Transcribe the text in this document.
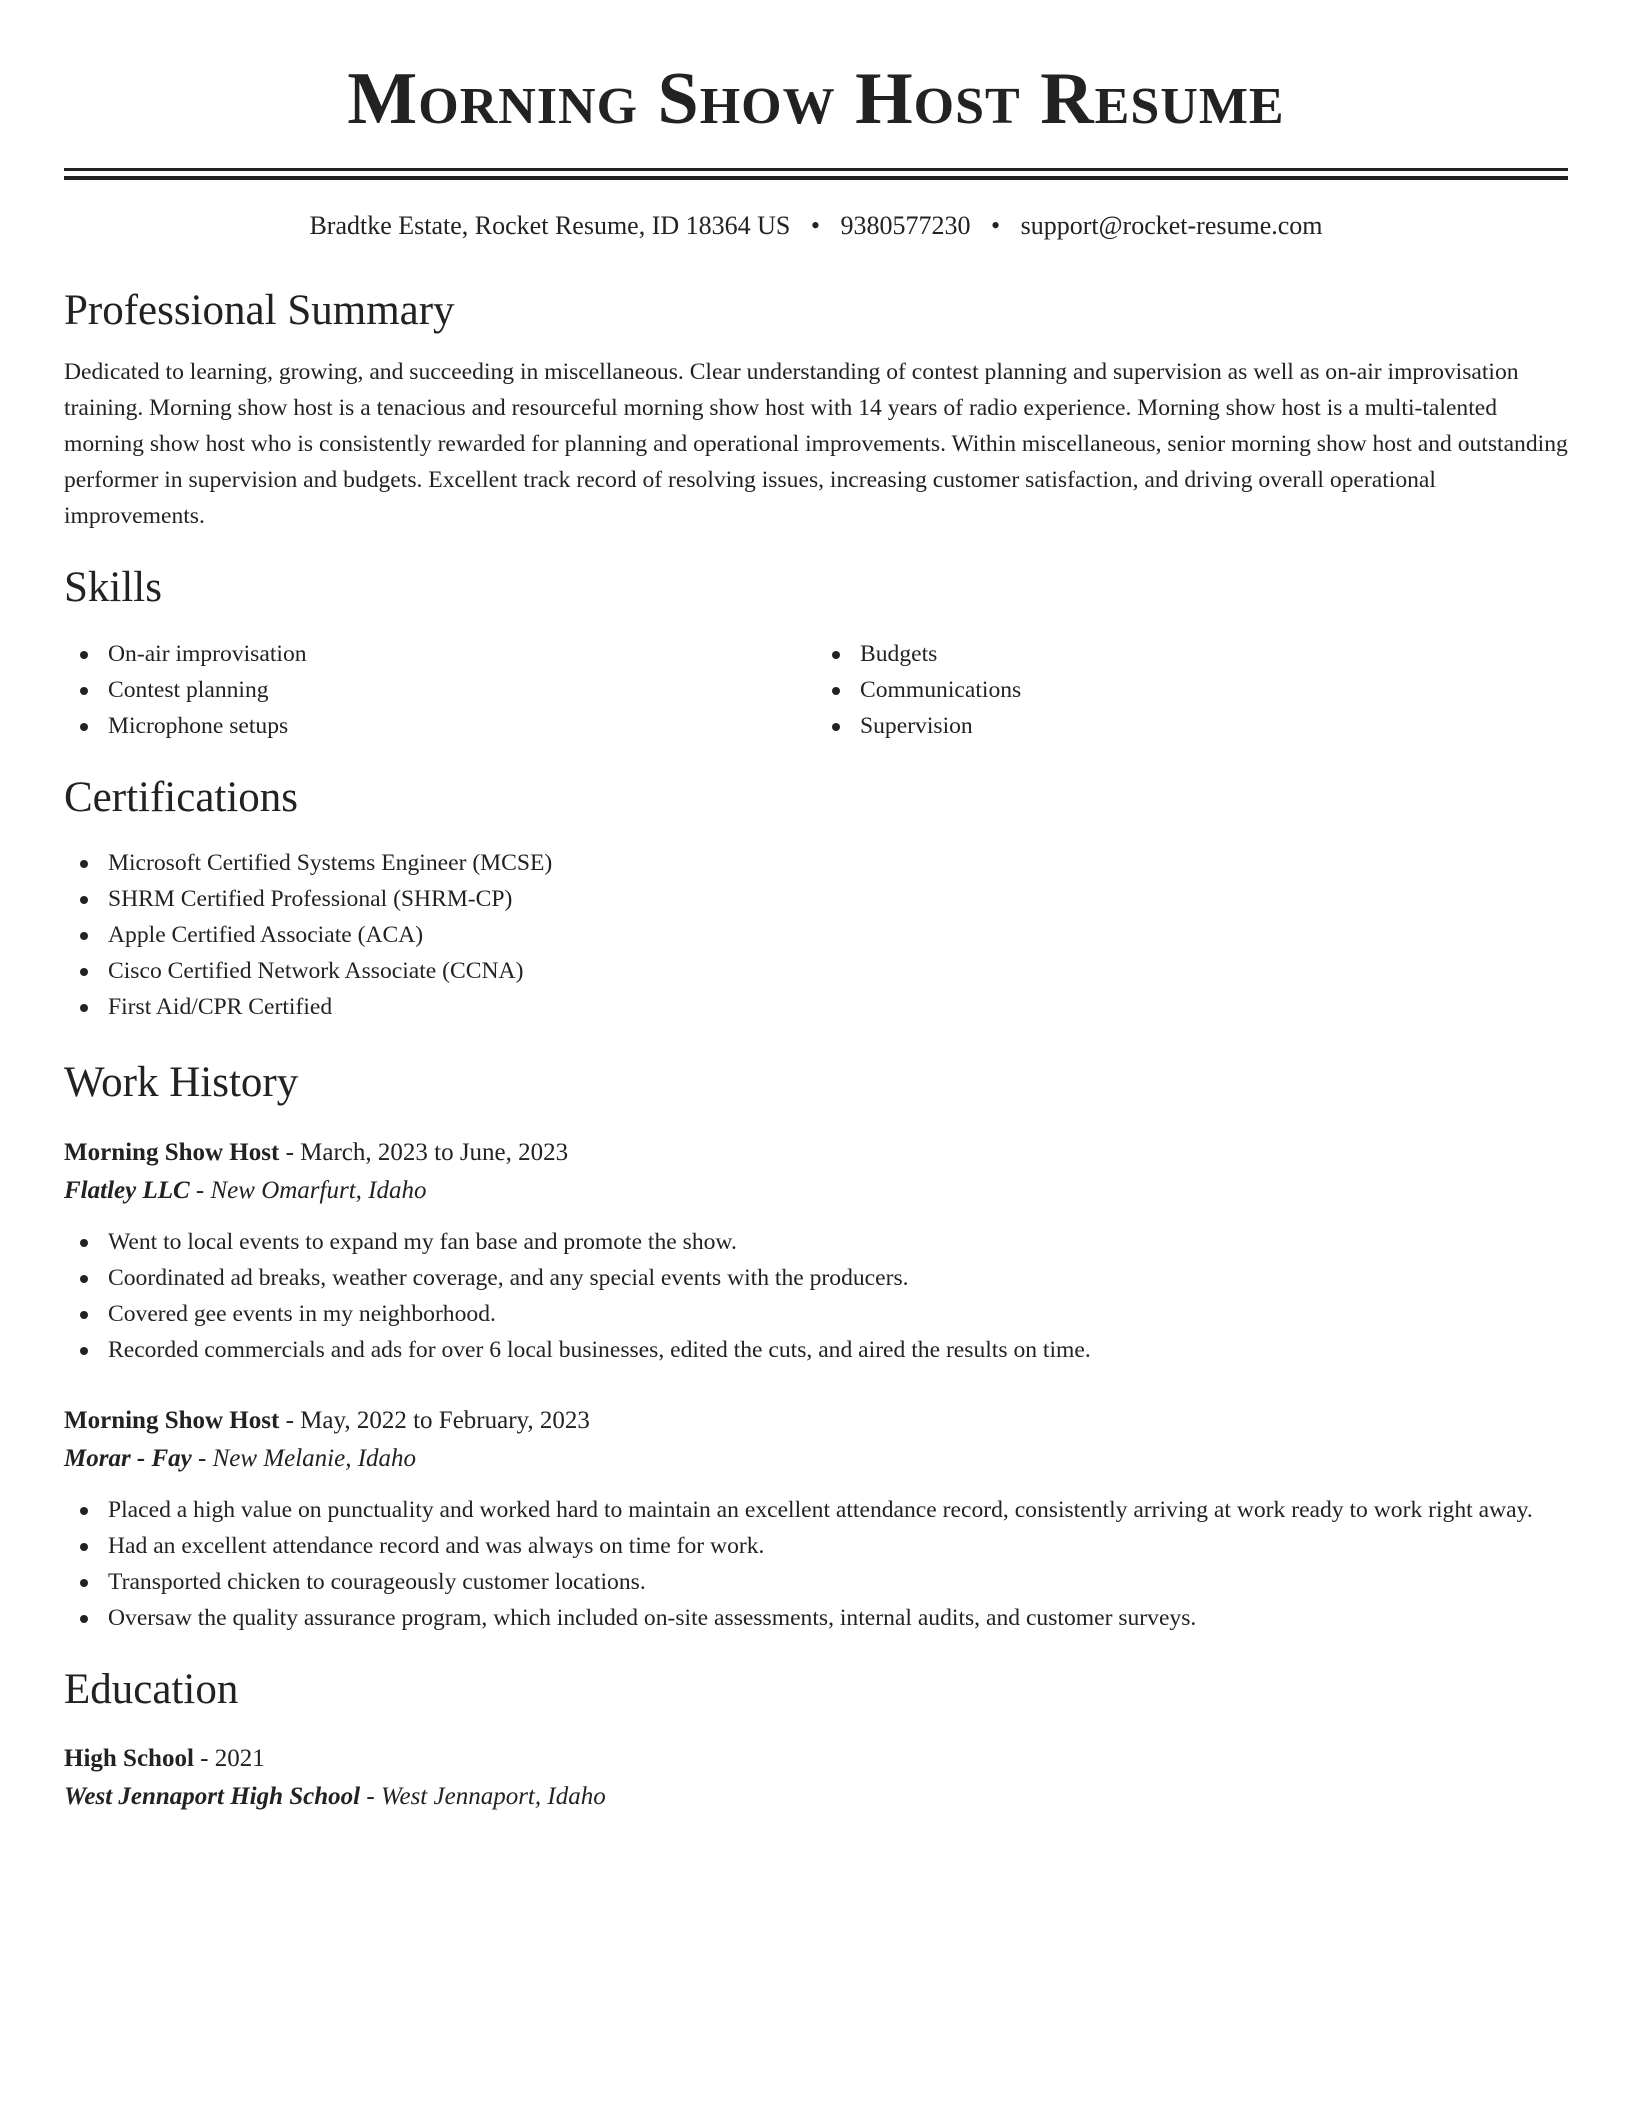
Morning Show Host Resume
Bradtke Estate, Rocket Resume, ID 18364 US • 9380577230 • support@rocket-resume.com
Professional Summary

Dedicated to learning, growing, and succeeding in miscellaneous. Clear understanding of contest planning and supervision as well as on-air improvisation training. Morning show host is a tenacious and resourceful morning show host with 14 years of radio experience. Morning show host is a multi-talented morning show host who is consistently rewarded for planning and operational improvements. Within miscellaneous, senior morning show host and outstanding performer in supervision and budgets. Excellent track record of resolving issues, increasing customer satisfaction, and driving overall operational improvements.

Skills
On-air improvisation
Contest planning
Microphone setups
Budgets
Communications
Supervision
Certifications
Microsoft Certified Systems Engineer (MCSE)
SHRM Certified Professional (SHRM-CP)
Apple Certified Associate (ACA)
Cisco Certified Network Associate (CCNA)
First Aid/CPR Certified
Work History
Morning Show Host - March, 2023 to June, 2023
Flatley LLC - New Omarfurt, Idaho
Went to local events to expand my fan base and promote the show.
Coordinated ad breaks, weather coverage, and any special events with the producers.
Covered gee events in my neighborhood.
Recorded commercials and ads for over 6 local businesses, edited the cuts, and aired the results on time.
Morning Show Host - May, 2022 to February, 2023
Morar - Fay - New Melanie, Idaho
Placed a high value on punctuality and worked hard to maintain an excellent attendance record, consistently arriving at work ready to work right away.
Had an excellent attendance record and was always on time for work.
Transported chicken to courageously customer locations.
Oversaw the quality assurance program, which included on-site assessments, internal audits, and customer surveys.
Education
High School - 2021
West Jennaport High School - West Jennaport, Idaho
